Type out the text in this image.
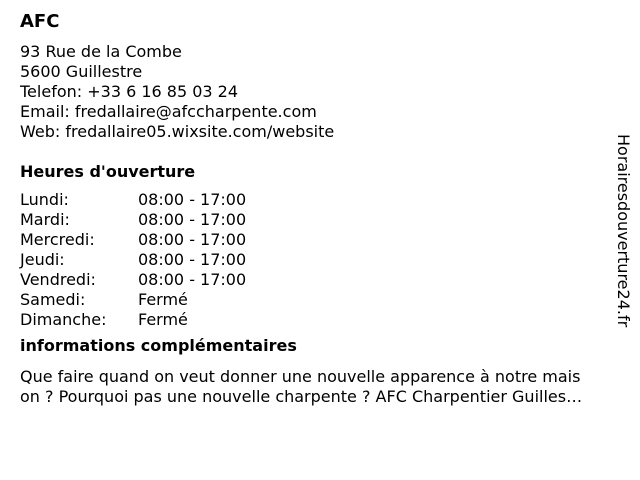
AFC
93 Rue de la Combe
5600 Guillestre
Telefon: +33 6 16 85 03 24
Email: fredallaire@afccharpente.com
Web: fredallaire05.wixsite.com/website
Heures d'ouverture
Lundi:	08:00 - 17:00
Mardi:	08:00 - 17:00
Mercredi:	08:00 - 17:00
Jeudi:	08:00 - 17:00
Vendredi:	08:00 - 17:00
Samedi:	Fermé
Dimanche:	Fermé
informations complémentaires

Que faire quand on veut donner une nouvelle apparence à notre mais
on ? Pourquoi pas une nouvelle charpente ? AFC Charpentier Guilles…

Horairesdouverture24.fr
